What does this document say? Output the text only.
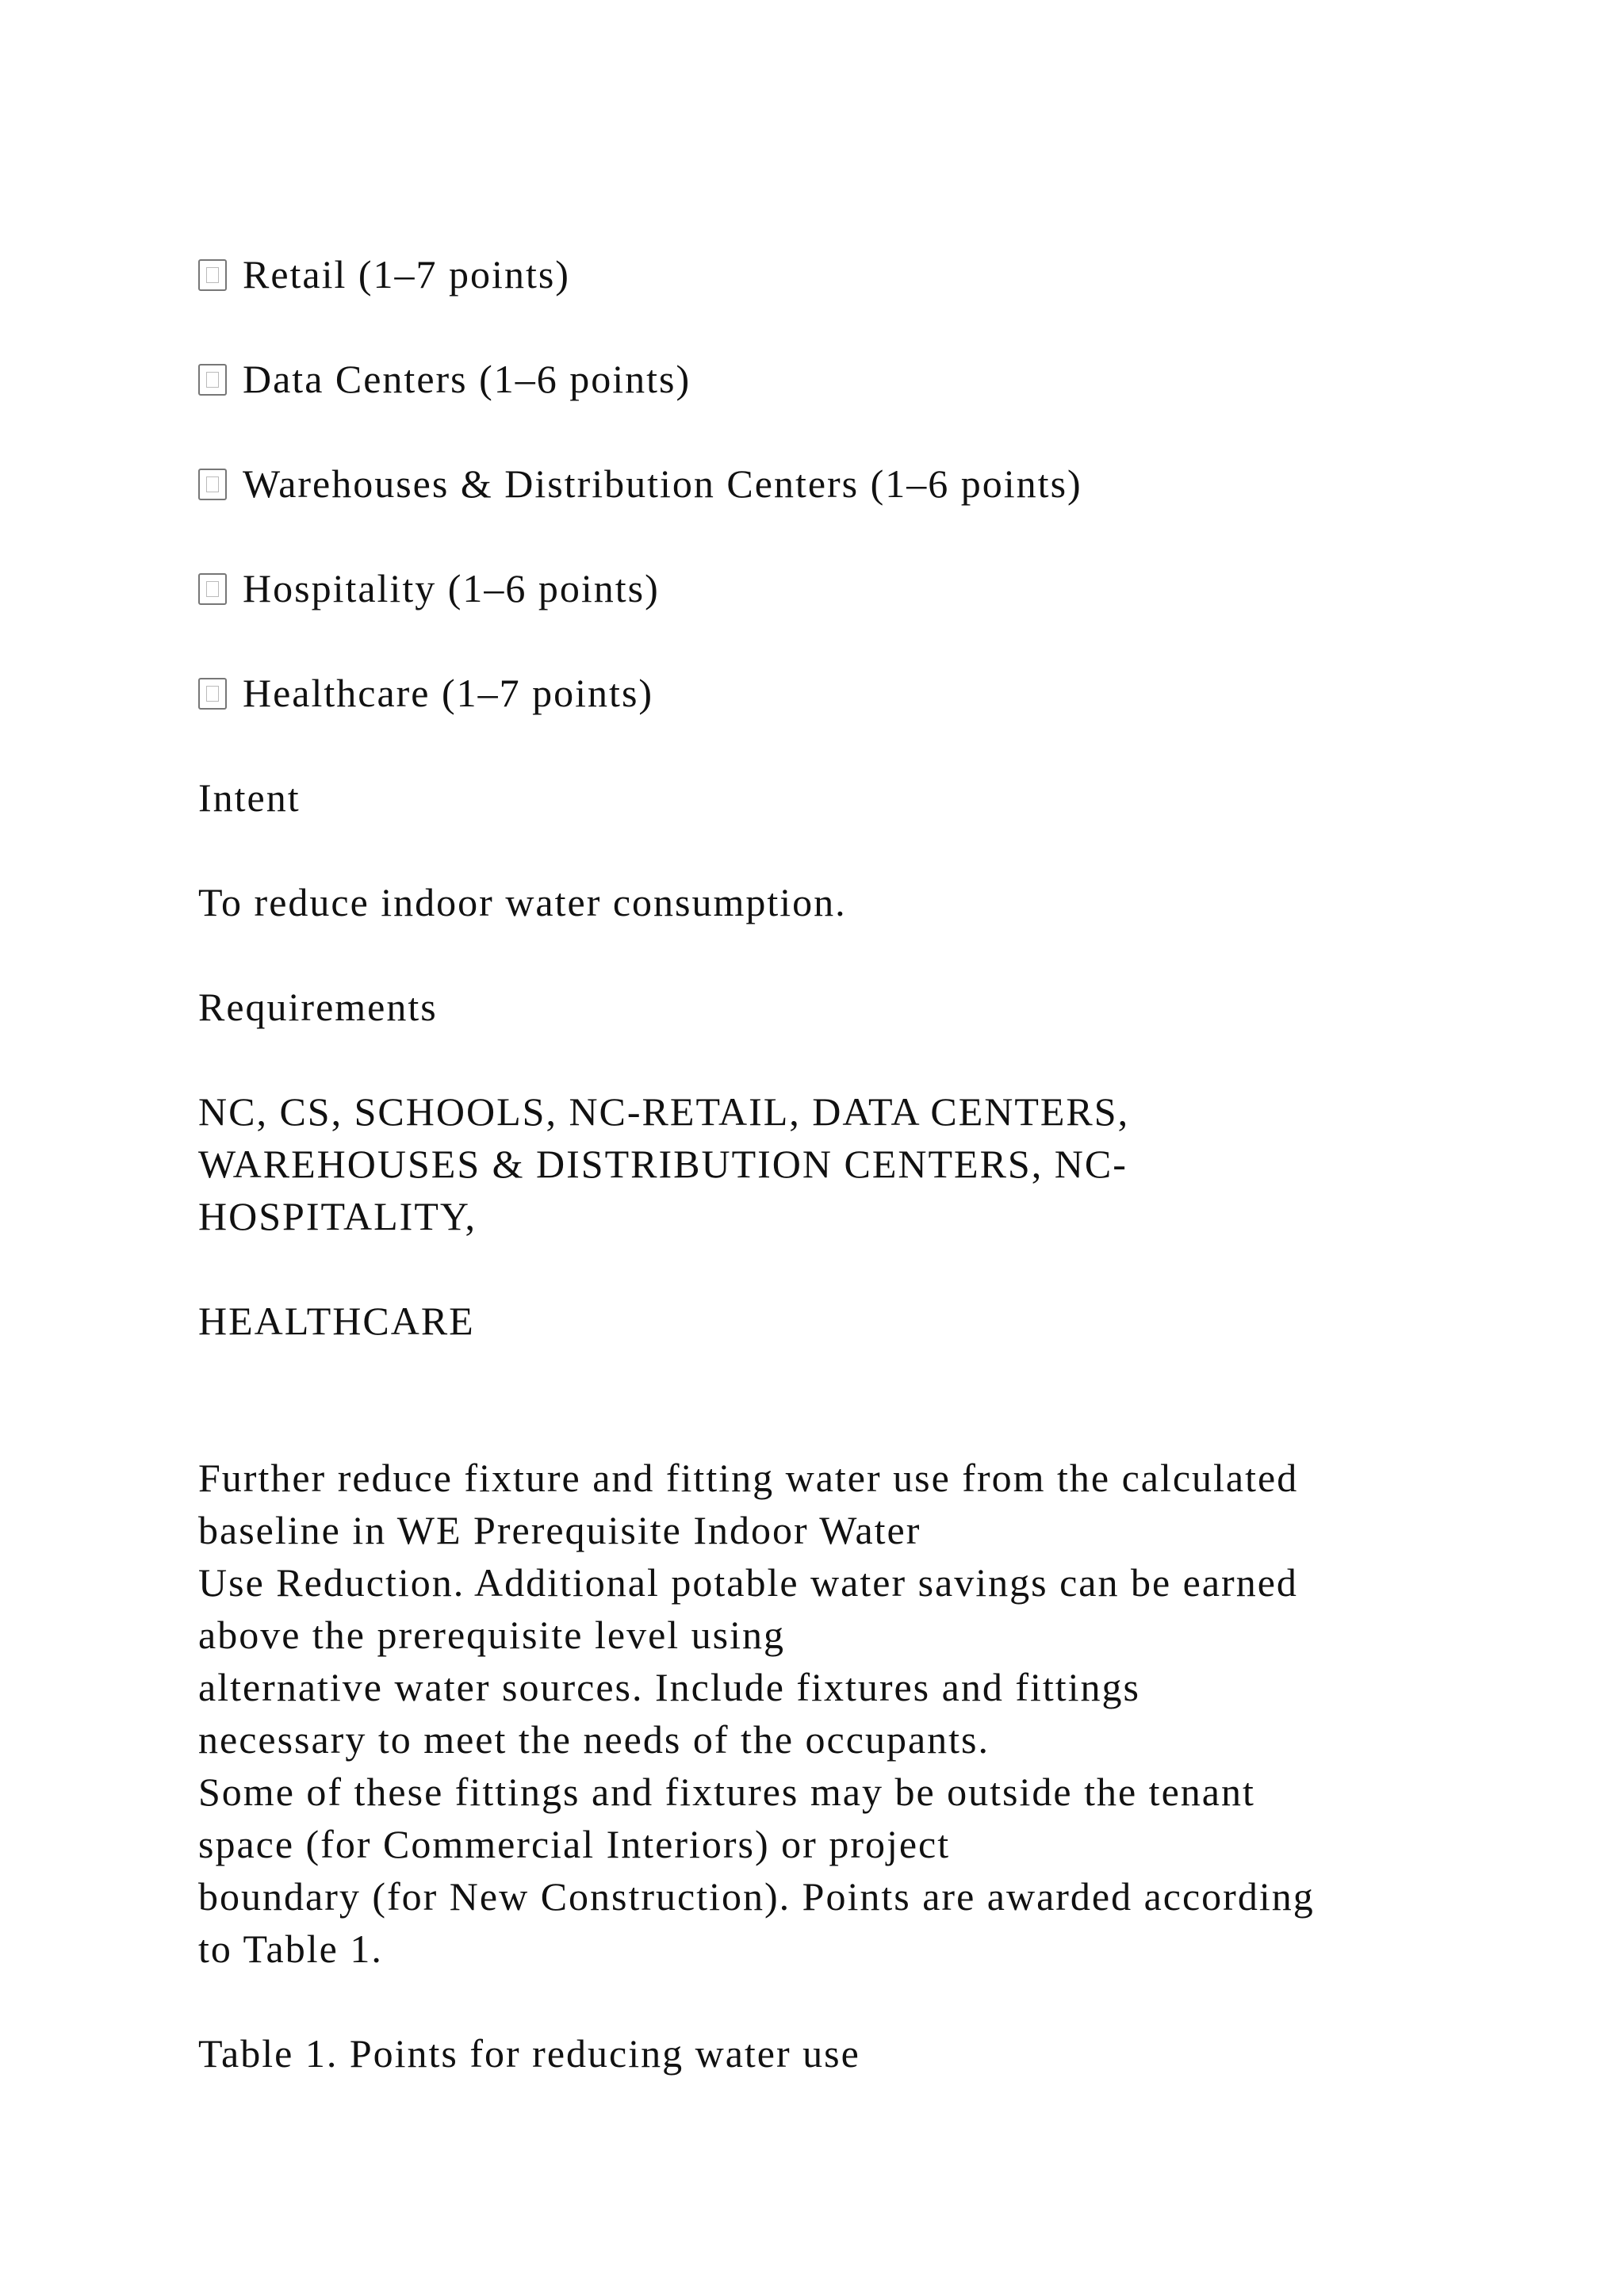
Retail (1–7 points)
Data Centers (1–6 points)
Warehouses & Distribution Centers (1–6 points)
Hospitality (1–6 points)
Healthcare (1–7 points)
Intent
To reduce indoor water consumption.
Requirements
NC, CS, SCHOOLS, NC-RETAIL, DATA CENTERS,
WAREHOUSES & DISTRIBUTION CENTERS, NC-
HOSPITALITY,
HEALTHCARE
Further reduce fixture and fitting water use from the calculated
baseline in WE Prerequisite Indoor Water
Use Reduction. Additional potable water savings can be earned
above the prerequisite level using
alternative water sources. Include fixtures and fittings
necessary to meet the needs of the occupants.
Some of these fittings and fixtures may be outside the tenant
space (for Commercial Interiors) or project
boundary (for New Construction). Points are awarded according
to Table 1.
Table 1. Points for reducing water use
